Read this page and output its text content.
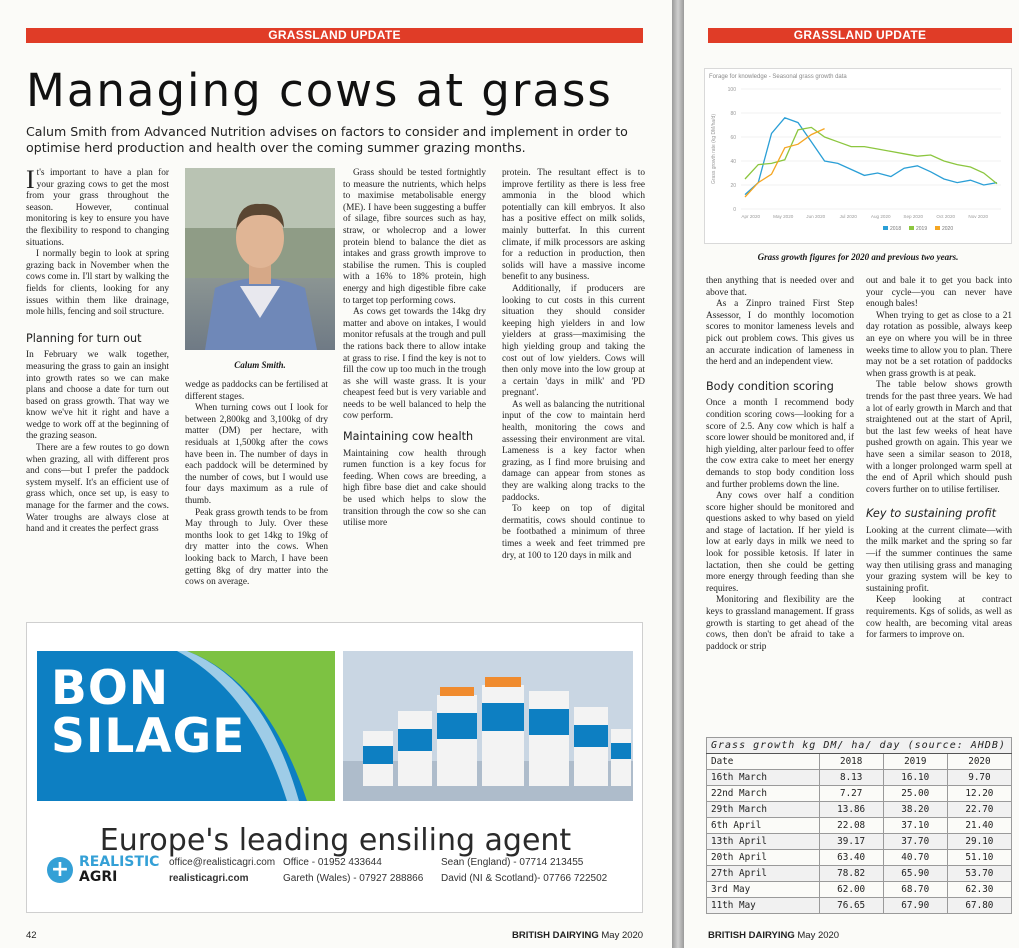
GRASSLAND UPDATE
Managing cows at grass
Calum Smith from Advanced Nutrition advises on factors to consider and implement in order to optimise herd production and health over the coming summer grazing months.

It's important to have a plan for your grazing cows to get the most from your grass throughout the season. However, continual monitoring is key to ensure you have the flexibility to respond to changing situations.

I normally begin to look at spring grazing back in November when the cows come in. I'll start by walking the fields for clients, looking for any issues within them like drainage, mole hills, fencing and soil structure.

Planning for turn out

In February we walk together, measuring the grass to gain an insight into growth rates so we can make plans and choose a date for turn out based on grass growth. That way we know we've hit it right and have a wedge to work off at the beginning of the grazing season.

There are a few routes to go down when grazing, all with different pros and cons—but I prefer the paddock system myself. It's an efficient use of grass which, once set up, is easy to manage for the farmer and the cows. Water troughs are always close at hand and it creates the perfect grass

Calum Smith.

wedge as paddocks can be fertilised at different stages.

When turning cows out I look for between 2,800kg and 3,100kg of dry matter (DM) per hectare, with residuals at 1,500kg after the cows have been in. The number of days in each paddock will be determined by the number of cows, but I would use four days maximum as a rule of thumb.

Peak grass growth tends to be from May through to July. Over these months look to get 14kg to 19kg of dry matter into the cows. When looking back to March, I have been getting 8kg of dry matter into the cows on average.

Grass should be tested fortnightly to measure the nutrients, which helps to maximise metabolisable energy (ME). I have been suggesting a buffer of silage, fibre sources such as hay, straw, or wholecrop and a lower protein blend to balance the diet as intakes and grass growth improve to stabilise the rumen. This is coupled with a 16% to 18% protein, high energy and high digestible fibre cake to target top performing cows.

As cows get towards the 14kg dry matter and above on intakes, I would monitor refusals at the trough and pull the rations back there to allow intake at grass to rise. I find the key is not to fill the cow up too much in the trough as she will waste grass. It is your cheapest feed but is very variable and needs to be well balanced to help the cow perform.

Maintaining cow health

Maintaining cow health through rumen function is a key focus for feeding. When cows are breeding, a high fibre base diet and cake should be used which helps to slow the transition through the cow so she can utilise more

protein. The resultant effect is to improve fertility as there is less free ammonia in the blood which potentially can kill embryos. It also has a positive effect on milk solids, mainly butterfat. In this current climate, if milk processors are asking for a reduction in production, then solids will have a massive income benefit to any business.

Additionally, if producers are looking to cut costs in this current situation they should consider keeping high yielders in and low yielders at grass—maximising the high yielding group and taking the cost out of low yielders. Cows will then only move into the low group at a certain 'days in milk' and 'PD pregnant'.

As well as balancing the nutritional input of the cow to maintain herd health, monitoring the cows and assessing their environment are vital. Lameness is a key factor when grazing, as I find more bruising and damage can appear from stones as they are walking along tracks to the paddocks.

To keep on top of digital dermatitis, cows should continue to be footbathed a minimum of three times a week and feet trimmed pre dry, at 100 to 120 days in milk and

BON
SILAGE
Europe's leading ensiling agent
+ REALISTIC
AGRI
office@realisticagri.com
realisticagri.com
Office - 01952 433644
Gareth (Wales) - 07927 288866
Sean (England) - 07714 213455
David (NI & Scotland)- 07766 722502
42	BRITISH DAIRYING May 2020
GRASSLAND UPDATE
Forage for knowledge - Seasonal grass growth data
0
20
40
60
80
100
Grass growth rate (kg DM/ha/d)
Apr 2020	May 2020	Jun 2020	Jul 2020	Aug 2020	Sep 2020	Oct 2020	Nov 2020
2018	2019	2020
Grass growth figures for 2020 and previous two years.

then anything that is needed over and above that.

As a Zinpro trained First Step Assessor, I do monthly locomotion scores to monitor lameness levels and pick out problem cows. This gives us an accurate indication of lameness in the herd and an independent view.

Body condition scoring

Once a month I recommend body condition scoring cows—looking for a score of 2.5. Any cow which is half a score lower should be monitored and, if high yielding, alter parlour feed to offer the cow extra cake to meet her energy demands to stop body condition loss and further problems down the line.

Any cows over half a condition score higher should be monitored and questions asked to why based on yield and stage of lactation. If her yield is low at early days in milk we need to look for possible ketosis. If later in lactation, then she could be getting more energy through feeding than she requires.

Monitoring and flexibility are the keys to grassland management. If grass growth is starting to get ahead of the cows, then don't be afraid to take a paddock or strip

out and bale it to get you back into your cycle—you can never have enough bales!

When trying to get as close to a 21 day rotation as possible, always keep an eye on where you will be in three weeks time to allow you to plan. There may not be a set rotation of paddocks when grass growth is at peak.

The table below shows growth trends for the past three years. We had a lot of early growth in March and that straightened out at the start of April, but the last few weeks of heat have pushed growth on again. This year we have seen a similar season to 2018, with a longer prolonged warm spell at the end of April which should push covers further on to utilise fertiliser.

Key to sustaining profit

Looking at the current climate—with the milk market and the spring so far—if the summer continues the same way then utilising grass and managing your grazing system will be key to sustaining profit.

Keep looking at contract requirements. Kgs of solids, as well as cow health, are becoming vital areas for farmers to improve on.

Grass growth kg DM/ ha/ day (source: AHDB)			
Date	2018	2019	2020
16th March	8.13	16.10	9.70
22nd March	7.27	25.00	12.20
29th March	13.86	38.20	22.70
6th April	22.08	37.10	21.40
13th April	39.17	37.70	29.10
20th April	63.40	40.70	51.10
27th April	78.82	65.90	53.70
3rd May	62.00	68.70	62.30
11th May	76.65	67.90	67.80
BRITISH DAIRYING May 2020
